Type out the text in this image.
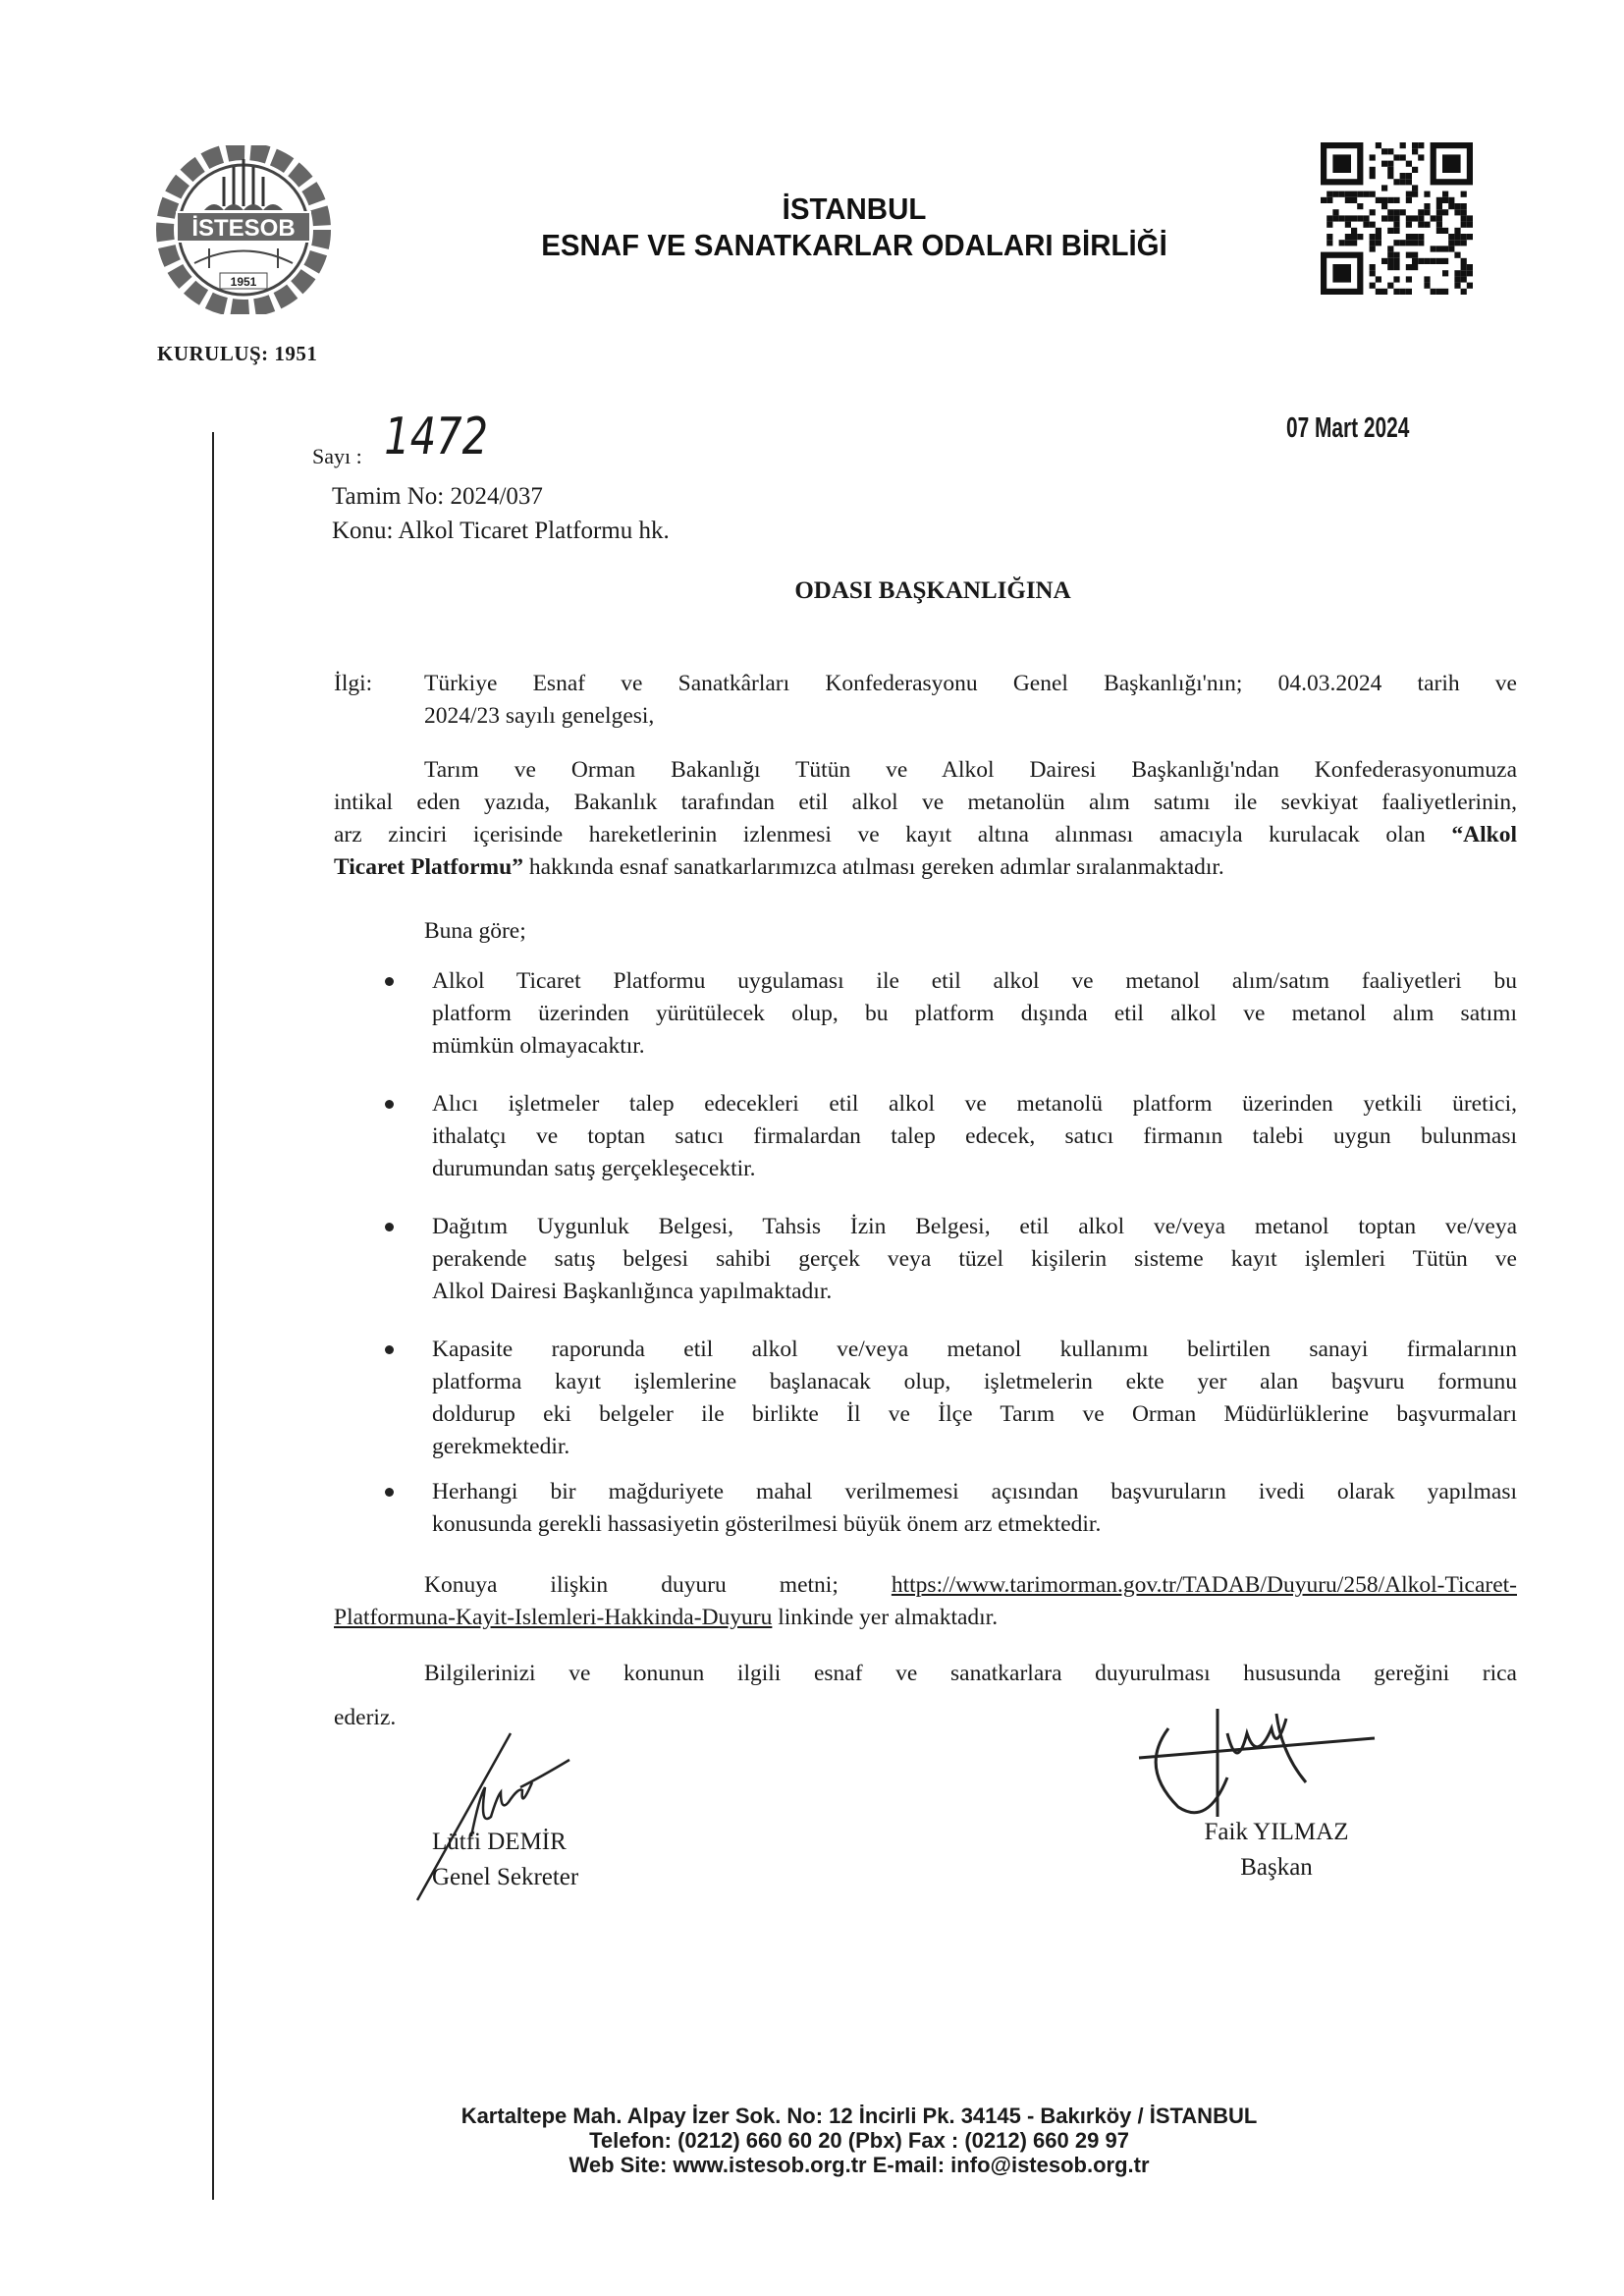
İSTESOB
1951
İSTANBUL
ESNAF VE SANATKARLAR ODALARI BİRLİĞİ
KURULUŞ: 1951
Sayı : 1472	07 Mart 2024
Tamim No: 2024/037
Konu: Alkol Ticaret Platformu hk.
ODASI BAŞKANLIĞINA
İlgi: Türkiye Esnaf ve Sanatkârları Konfederasyonu Genel Başkanlığı'nın; 04.03.2024 tarih ve
2024/23 sayılı genelgesi,
Tarım ve Orman Bakanlığı Tütün ve Alkol Dairesi Başkanlığı'ndan Konfederasyonumuza
intikal eden yazıda, Bakanlık tarafından etil alkol ve metanolün alım satımı ile sevkiyat faaliyetlerinin,
arz zinciri içerisinde hareketlerinin izlenmesi ve kayıt altına alınması amacıyla kurulacak olan “Alkol
Ticaret Platformu” hakkında esnaf sanatkarlarımızca atılması gereken adımlar sıralanmaktadır.
Buna göre;
Alkol Ticaret Platformu uygulaması ile etil alkol ve metanol alım/satım faaliyetleri bu
platform üzerinden yürütülecek olup, bu platform dışında etil alkol ve metanol alım satımı
mümkün olmayacaktır.
Alıcı işletmeler talep edecekleri etil alkol ve metanolü platform üzerinden yetkili üretici,
ithalatçı ve toptan satıcı firmalardan talep edecek, satıcı firmanın talebi uygun bulunması
durumundan satış gerçekleşecektir.
Dağıtım Uygunluk Belgesi, Tahsis İzin Belgesi, etil alkol ve/veya metanol toptan ve/veya
perakende satış belgesi sahibi gerçek veya tüzel kişilerin sisteme kayıt işlemleri Tütün ve
Alkol Dairesi Başkanlığınca yapılmaktadır.
Kapasite raporunda etil alkol ve/veya metanol kullanımı belirtilen sanayi firmalarının
platforma kayıt işlemlerine başlanacak olup, işletmelerin ekte yer alan başvuru formunu
doldurup eki belgeler ile birlikte İl ve İlçe Tarım ve Orman Müdürlüklerine başvurmaları
gerekmektedir.
Herhangi bir mağduriyete mahal verilmemesi açısından başvuruların ivedi olarak yapılması
konusunda gerekli hassasiyetin gösterilmesi büyük önem arz etmektedir.
Konuya ilişkin duyuru metni; https://www.tarimorman.gov.tr/TADAB/Duyuru/258/Alkol-Ticaret-
Platformuna-Kayit-Islemleri-Hakkinda-Duyuru linkinde yer almaktadır.
Bilgilerinizi ve konunun ilgili esnaf ve sanatkarlara duyurulması hususunda gereğini rica
ederiz.
Lütfi DEMİR
Genel Sekreter
Faik YILMAZ
Başkan
Kartaltepe Mah. Alpay İzer Sok. No: 12 İncirli Pk. 34145 - Bakırköy / İSTANBUL
Telefon: (0212) 660 60 20 (Pbx) Fax : (0212) 660 29 97
Web Site: www.istesob.org.tr E-mail: info@istesob.org.tr
